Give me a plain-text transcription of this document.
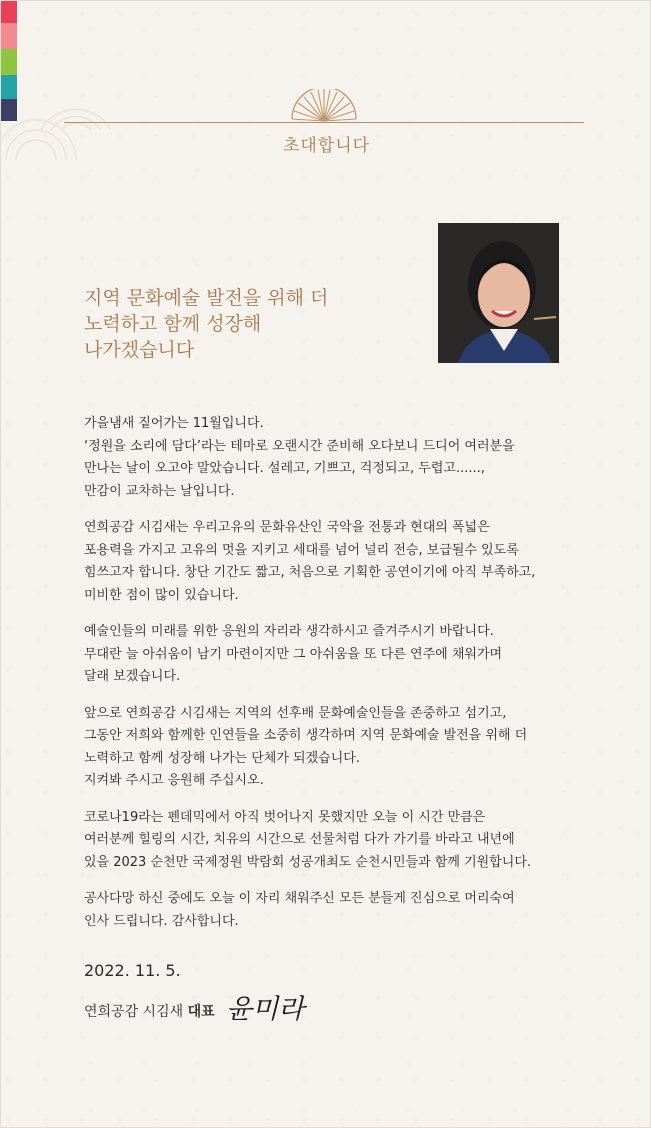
초대합니다
지역 문화예술 발전을 위해 더
노력하고 함께 성장해
나가겠습니다
가을냄새 짙어가는 11월입니다.
‘정원을 소리에 담다’라는 테마로 오랜시간 준비해 오다보니 드디어 여러분을
만나는 날이 오고야 말았습니다. 설레고, 기쁘고, 걱정되고, 두렵고......,
만감이 교차하는 날입니다.
연희공감 시김새는 우리고유의 문화유산인 국악을 전통과 현대의 폭넓은
포용력을 가지고 고유의 멋을 지키고 세대를 넘어 널리 전승, 보급될수 있도록
힘쓰고자 합니다. 창단 기간도 짧고, 처음으로 기획한 공연이기에 아직 부족하고,
미비한 점이 많이 있습니다.
예술인들의 미래를 위한 응원의 자리라 생각하시고 즐겨주시기 바랍니다.
무대란 늘 아쉬움이 남기 마련이지만 그 아쉬움을 또 다른 연주에 채워가며
달래 보겠습니다.
앞으로 연희공감 시김새는 지역의 선후배 문화예술인들을 존중하고 섬기고,
그동안 저희와 함께한 인연들을 소중히 생각하며 지역 문화예술 발전을 위해 더
노력하고 함께 성장해 나가는 단체가 되겠습니다.
지켜봐 주시고 응원해 주십시오.
코로나19라는 펜데믹에서 아직 벗어나지 못했지만 오늘 이 시간 만큼은
여러분께 힐링의 시간, 치유의 시간으로 선물처럼 다가 가기를 바라고 내년에
있을 2023 순천만 국제정원 박람회 성공개최도 순천시민들과 함께 기원합니다.
공사다망 하신 중에도 오늘 이 자리 채워주신 모든 분들게 진심으로 머리숙여
인사 드립니다. 감사합니다.
2022. 11. 5.
연희공감 시김새 대표 윤미라
